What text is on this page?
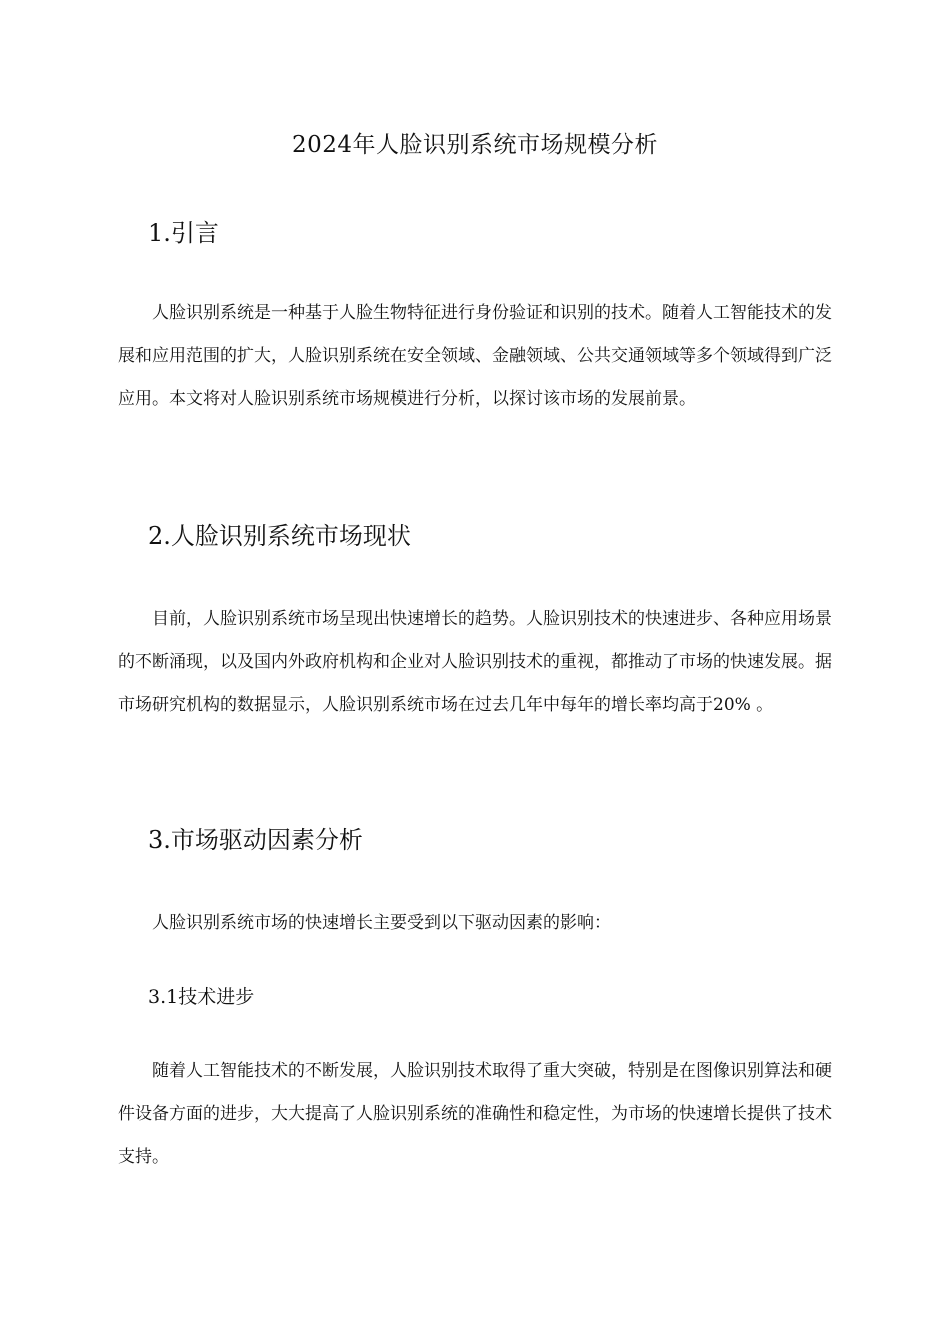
2024年人脸识别系统市场规模分析
1.引言
人脸识别系统是一种基于人脸生物特征进行身份验证和识别的技术。随着人工智能技术的发展和应用范围的扩大，人脸识别系统在安全领域、金融领域、公共交通领域等多个领域得到广泛应用。本文将对人脸识别系统市场规模进行分析，以探讨该市场的发展前景。
2.人脸识别系统市场现状
目前，人脸识别系统市场呈现出快速增长的趋势。人脸识别技术的快速进步、各种应用场景的不断涌现，以及国内外政府机构和企业对人脸识别技术的重视，都推动了市场的快速发展。据市场研究机构的数据显示，人脸识别系统市场在过去几年中每年的增长率均高于20% 。
3.市场驱动因素分析
人脸识别系统市场的快速增长主要受到以下驱动因素的影响：
3.1技术进步
随着人工智能技术的不断发展，人脸识别技术取得了重大突破，特别是在图像识别算法和硬件设备方面的进步，大大提高了人脸识别系统的准确性和稳定性，为市场的快速增长提供了技术支持。
